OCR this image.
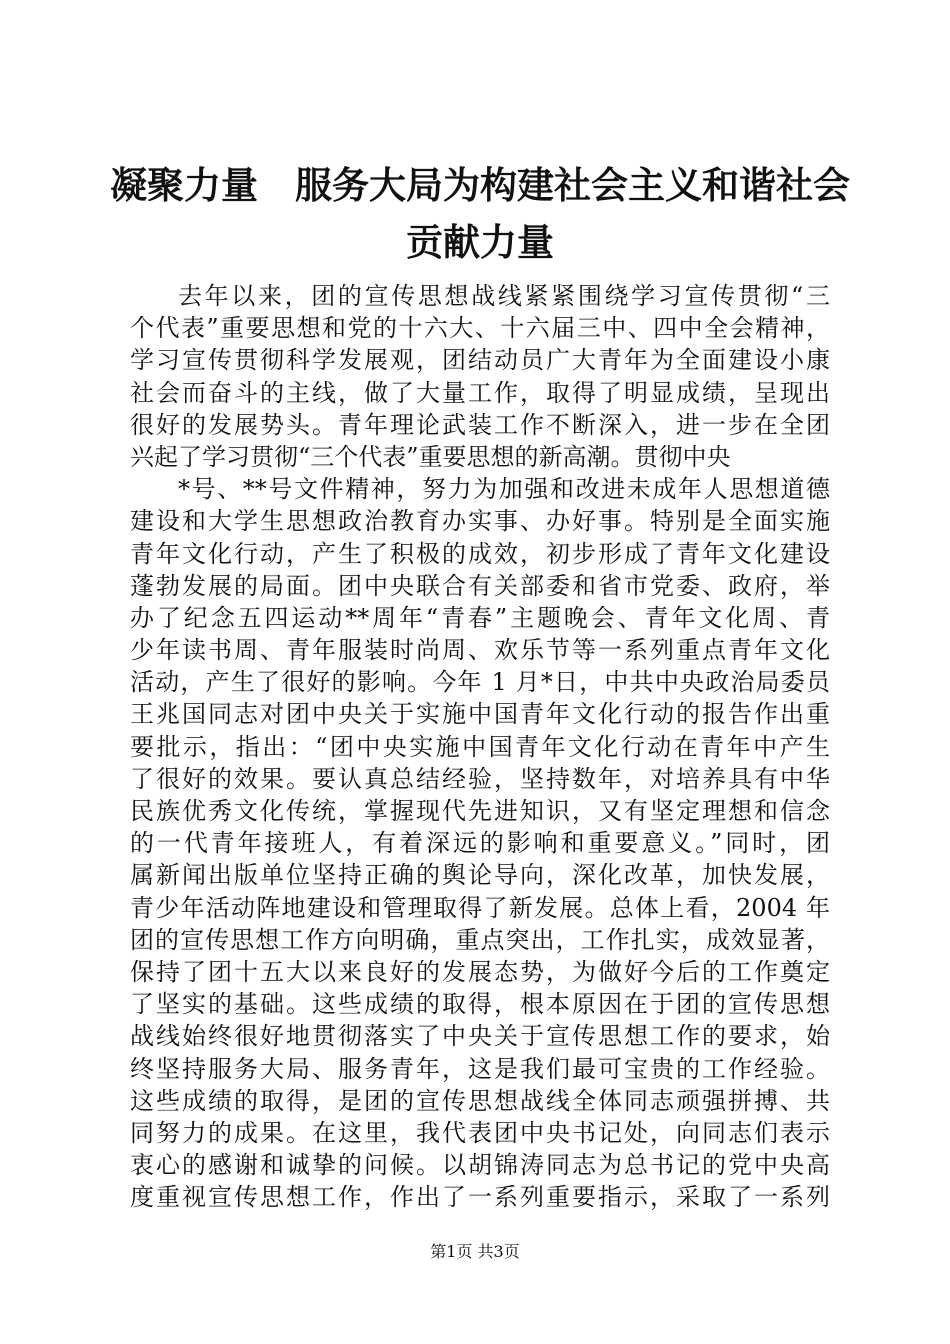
凝聚力量　服务大局为构建社会主义和谐社会
贡献力量
去年以来，团的宣传思想战线紧紧围绕学习宣传贯彻“三
个代表”重要思想和党的十六大、十六届三中、四中全会精神，
学习宣传贯彻科学发展观，团结动员广大青年为全面建设小康
社会而奋斗的主线，做了大量工作，取得了明显成绩，呈现出
很好的发展势头。青年理论武装工作不断深入，进一步在全团
兴起了学习贯彻“三个代表”重要思想的新高潮。贯彻中央
*号、**号文件精神，努力为加强和改进未成年人思想道德
建设和大学生思想政治教育办实事、办好事。特别是全面实施
青年文化行动，产生了积极的成效，初步形成了青年文化建设
蓬勃发展的局面。团中央联合有关部委和省市党委、政府，举
办了纪念五四运动**周年“青春”主题晚会、青年文化周、青
少年读书周、青年服装时尚周、欢乐节等一系列重点青年文化
活动，产生了很好的影响。今年 1 月*日，中共中央政治局委员
王兆国同志对团中央关于实施中国青年文化行动的报告作出重
要批示，指出：“团中央实施中国青年文化行动在青年中产生
了很好的效果。要认真总结经验，坚持数年，对培养具有中华
民族优秀文化传统，掌握现代先进知识，又有坚定理想和信念
的一代青年接班人，有着深远的影响和重要意义。”同时，团
属新闻出版单位坚持正确的舆论导向，深化改革，加快发展，
青少年活动阵地建设和管理取得了新发展。总体上看，2004 年
团的宣传思想工作方向明确，重点突出，工作扎实，成效显著，
保持了团十五大以来良好的发展态势，为做好今后的工作奠定
了坚实的基础。这些成绩的取得，根本原因在于团的宣传思想
战线始终很好地贯彻落实了中央关于宣传思想工作的要求，始
终坚持服务大局、服务青年，这是我们最可宝贵的工作经验。
这些成绩的取得，是团的宣传思想战线全体同志顽强拼搏、共
同努力的成果。在这里，我代表团中央书记处，向同志们表示
衷心的感谢和诚挚的问候。以胡锦涛同志为总书记的党中央高
度重视宣传思想工作，作出了一系列重要指示，采取了一系列
第1页 共3页
